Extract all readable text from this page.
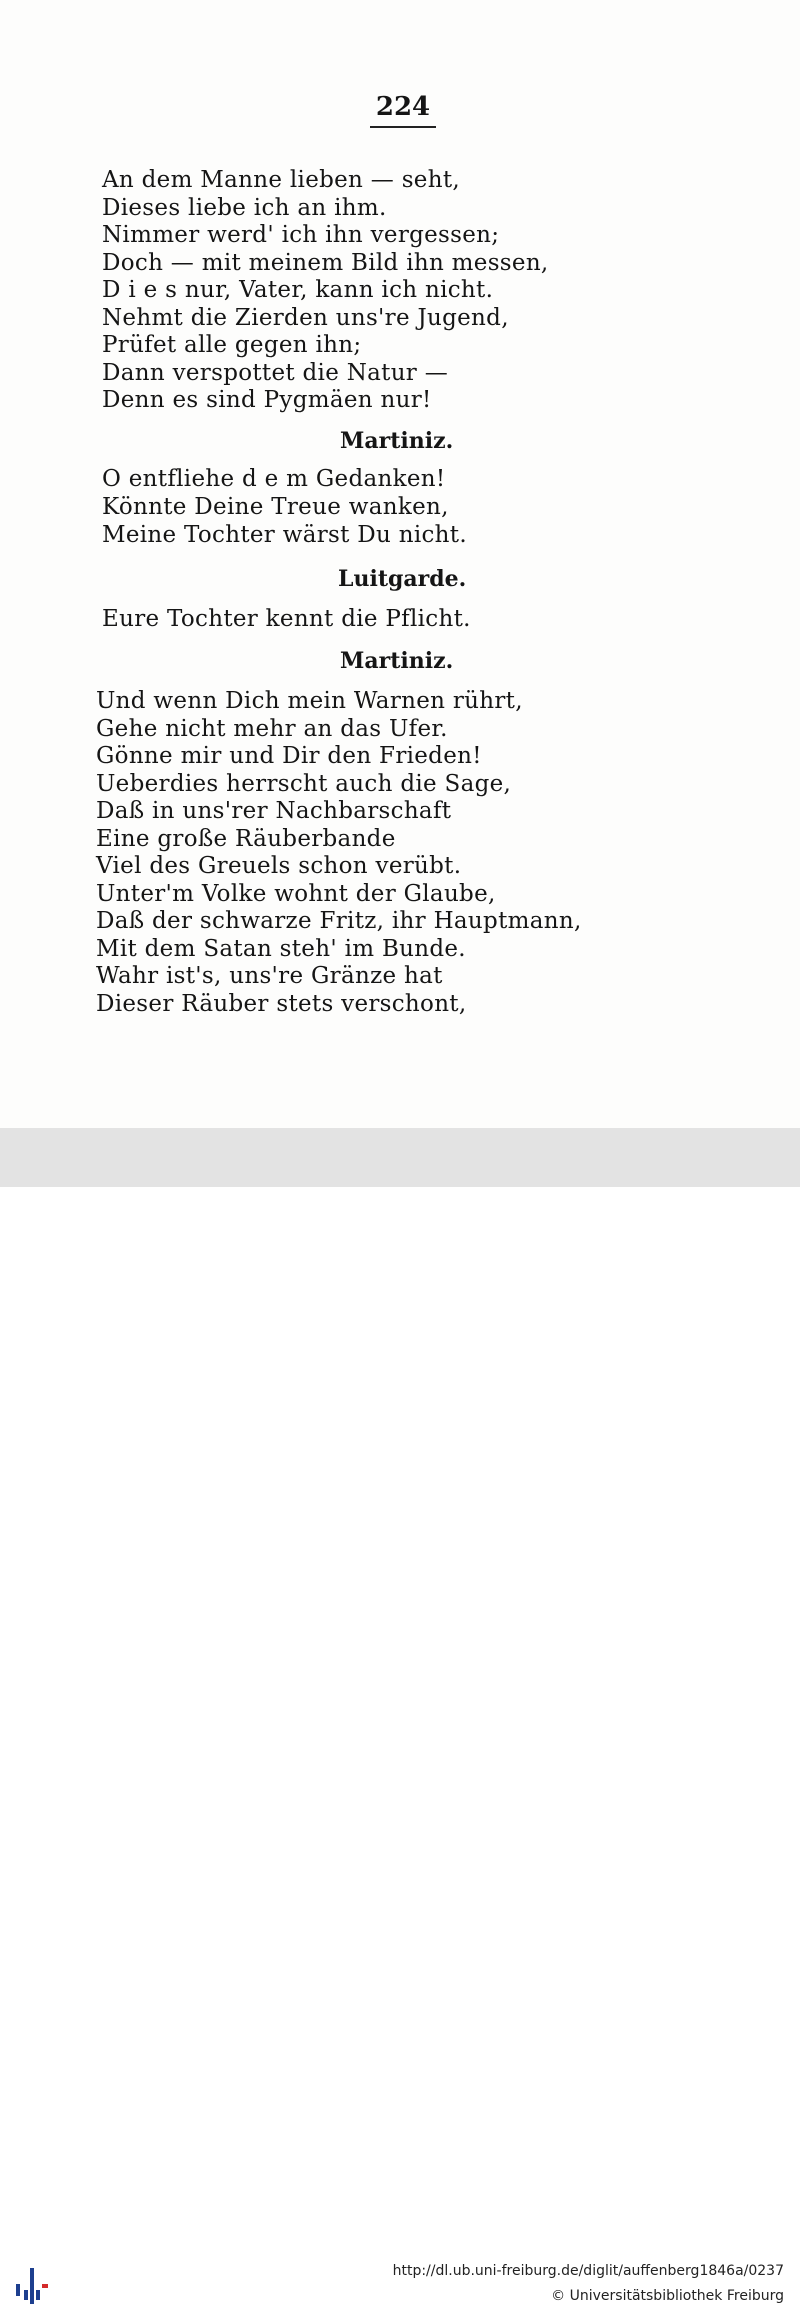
224
An dem Manne lieben — seht,
Dieses liebe ich an ihm.
Nimmer werd' ich ihn vergessen;
Doch — mit meinem Bild ihn messen,
D i e s nur, Vater, kann ich nicht.
Nehmt die Zierden uns're Jugend,
Prüfet alle gegen ihn;
Dann verspottet die Natur —
Denn es sind Pygmäen nur!
Martiniz.
O entfliehe d e m Gedanken!
Könnte Deine Treue wanken,
Meine Tochter wärst Du nicht.
Luitgarde.
Eure Tochter kennt die Pflicht.
Martiniz.
Und wenn Dich mein Warnen rührt,
Gehe nicht mehr an das Ufer.
Gönne mir und Dir den Frieden!
Ueberdies herrscht auch die Sage,
Daß in uns'rer Nachbarschaft
Eine große Räuberbande
Viel des Greuels schon verübt.
Unter'm Volke wohnt der Glaube,
Daß der schwarze Fritz, ihr Hauptmann,
Mit dem Satan steh' im Bunde.
Wahr ist's, uns're Gränze hat
Dieser Räuber stets verschont,
http://dl.ub.uni-freiburg.de/diglit/auffenberg1846a/0237
© Universitätsbibliothek Freiburg
